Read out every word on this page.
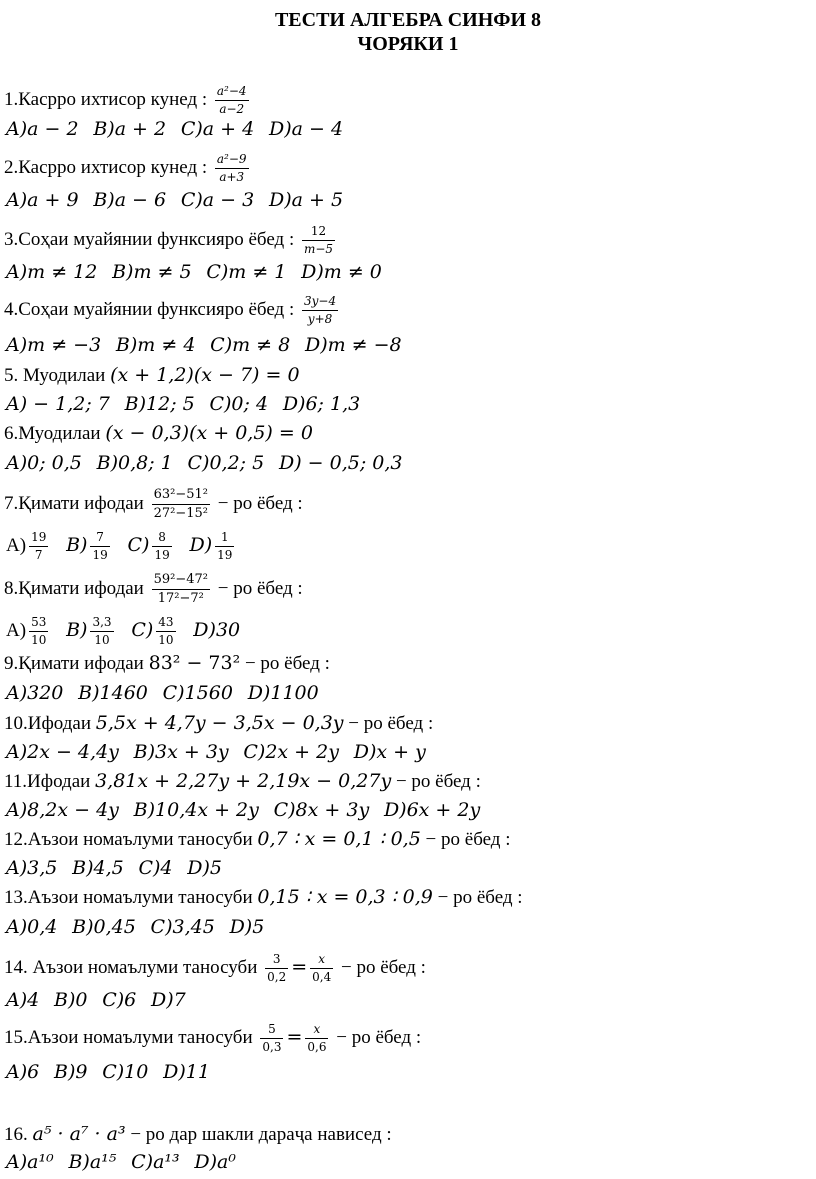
ТЕСТИ АЛГЕБРА СИНФИ 8
ЧОРЯКИ 1
1.Касрро ихтисор кунед : $\frac{\text{a²−4}}{a-2}$
A)a − 2 B)a + 2 C)a + 4 D)a − 4
2.Касрро ихтисор кунед : $\frac{\text{a²−9}}{a+3}$
A)a + 9 B)a − 6 C)a − 3 D)a + 5
3.Соҳаи муайянии функсияро ёбед : $\frac{12}{m-5}$
A)m ≠ 12 B)m ≠ 5 C)m ≠ 1 D)m ≠ 0
4.Соҳаи муайянии функсияро ёбед : $\frac{3y-4}{y+8}$
A)m ≠ −3 B)m ≠ 4 C)m ≠ 8 D)m ≠ −8
5. Муодилаи (x + 1,2)(x − 7) = 0
A) − 1,2; 7 B)12; 5 C)0; 4 D)6; 1,3
6.Муодилаи (x − 0,3)(x + 0,5) = 0
A)0; 0,5 B)0,8; 1 C)0,2; 5 D) − 0,5; 0,3
7.Қимати ифодаи $\frac{\text{63²−51²}}{\text{27²−15²}}$ − ро ёбед :
$A) \frac{19}{7} B) \frac{7}{19} C) \frac{8}{19} D) \frac{1}{19}$
8.Қимати ифодаи $\frac{\text{59²−47²}}{\text{17²−7²}}$ − ро ёбед :
$A) \frac{53}{10} B) \frac{3,3}{10} C) \frac{43}{10} D)30$
9.Қимати ифодаи 83² − 73² − ро ёбед :
A)320 B)1460 C)1560 D)1100
10.Ифодаи 5,5x + 4,7y − 3,5x − 0,3y − ро ёбед :
A)2x − 4,4y B)3x + 3y C)2x + 2y D)x + y
11.Ифодаи 3,81x + 2,27y + 2,19x − 0,27y − ро ёбед :
A)8,2x − 4y B)10,4x + 2y C)8x + 3y D)6x + 2y
12.Аъзои номаълуми таносуби 0,7 ∶ x = 0,1 ∶ 0,5 − ро ёбед :
A)3,5 B)4,5 C)4 D)5
13.Аъзои номаълуми таносуби 0,15 ∶ x = 0,3 ∶ 0,9 − ро ёбед :
A)0,4 B)0,45 C)3,45 D)5
14. Аъзои номаълуми таносуби $\frac{3}{0,2} = \frac{x}{0,4}$ − ро ёбед :
A)4 B)0 C)6 D)7
15.Аъзои номаълуми таносуби $\frac{5}{0,3} = \frac{x}{0,6}$ − ро ёбед :
A)6 B)9 C)10 D)11
16. a⁵ · a⁷ · a³ − ро дар шакли дараҷа нависед :
A)a¹⁰ B)a¹⁵ C)a¹³ D)a⁰
